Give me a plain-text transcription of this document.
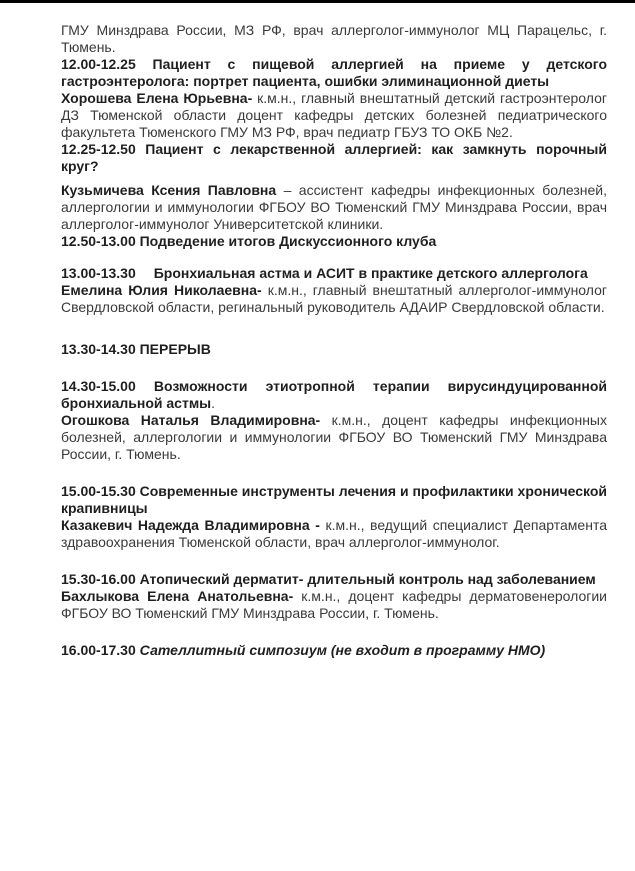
ГМУ Минздрава России, МЗ РФ, врач аллерголог-иммунолог МЦ Парацельс, г. Тюмень.

12.00-12.25 Пациент с пищевой аллергией на приеме у детского гастроэнтеролога: портрет пациента, ошибки элиминационной диеты

Хорошева Елена Юрьевна- к.м.н., главный внештатный детский гастроэнтеролог ДЗ Тюменской области доцент кафедры детских болезней педиатрического факультета Тюменского ГМУ МЗ РФ, врач педиатр ГБУЗ ТО ОКБ №2.

12.25-12.50 Пациент с лекарственной аллергией: как замкнуть порочный круг?

Кузьмичева Ксения Павловна – ассистент кафедры инфекционных болезней, аллергологии и иммунологии ФГБОУ ВО Тюменский ГМУ Минздрава России, врач аллерголог-иммунолог Университетской клиники.

12.50-13.00 Подведение итогов Дискуссионного клуба

13.00-13.30 Бронхиальная астма и АСИТ в практике детского аллерголога

Емелина Юлия Николаевна- к.м.н., главный внештатный аллерголог-иммунолог Свердловской области, регинальный руководитель АДАИР Свердловской области.

13.30-14.30 ПЕРЕРЫВ

14.30-15.00 Возможности этиотропной терапии вирусиндуцированной бронхиальной астмы.

Огошкова Наталья Владимировна- к.м.н., доцент кафедры инфекционных болезней, аллергологии и иммунологии ФГБОУ ВО Тюменский ГМУ Минздрава России, г. Тюмень.

15.00-15.30 Современные инструменты лечения и профилактики хронической крапивницы

Казакевич Надежда Владимировна - к.м.н., ведущий специалист Департамента здравоохранения Тюменской области, врач аллерголог-иммунолог.

15.30-16.00 Атопический дерматит- длительный контроль над заболеванием

Бахлыкова Елена Анатольевна- к.м.н., доцент кафедры дерматовенерологии ФГБОУ ВО Тюменский ГМУ Минздрава России, г. Тюмень.

16.00-17.30 Сателлитный симпозиум (не входит в программу НМО)
